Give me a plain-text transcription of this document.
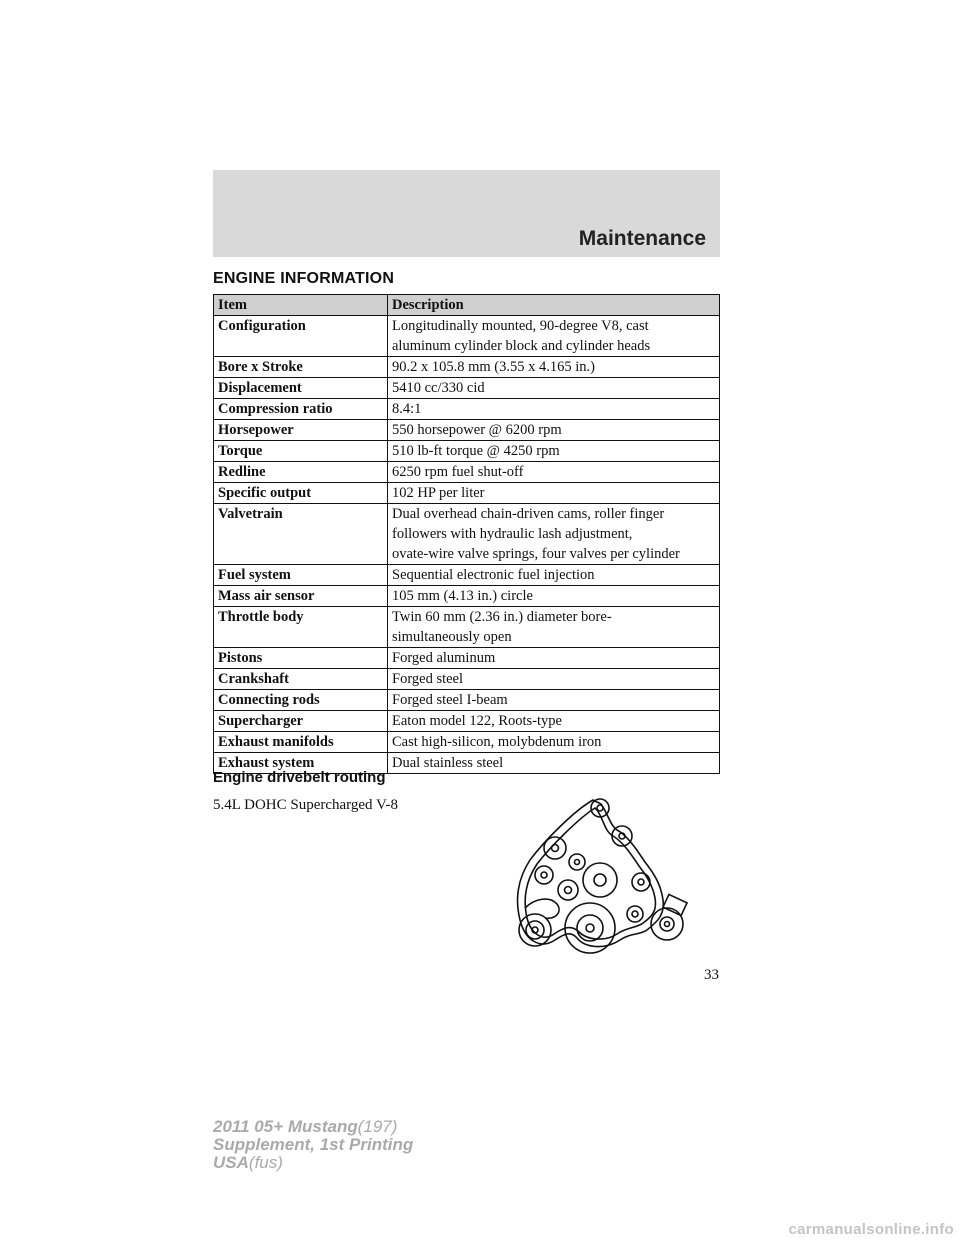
Maintenance
ENGINE INFORMATION
Item	Description
Configuration	Longitudinally mounted, 90-degree V8, cast
aluminum cylinder block and cylinder heads

Bore x Stroke	90.2 x 105.8 mm (3.55 x 4.165 in.)

Displacement	5410 cc/330 cid

Compression ratio	8.4:1

Horsepower	550 horsepower @ 6200 rpm

Torque	510 lb-ft torque @ 4250 rpm

Redline	6250 rpm fuel shut-off

Specific output	102 HP per liter

Valvetrain	Dual overhead chain-driven cams, roller finger
followers with hydraulic lash adjustment,
ovate-wire valve springs, four valves per cylinder

Fuel system	Sequential electronic fuel injection

Mass air sensor	105 mm (4.13 in.) circle

Throttle body	Twin 60 mm (2.36 in.) diameter bore-
simultaneously open

Pistons	Forged aluminum

Crankshaft	Forged steel

Connecting rods	Forged steel I-beam

Supercharger	Eaton model 122, Roots-type

Exhaust manifolds	Cast high-silicon, molybdenum iron

Exhaust system	Dual stainless steel
Engine drivebelt routing
5.4L DOHC Supercharged V-8
33
2011 05+ Mustang(197)
Supplement, 1st Printing
USA(fus)
carmanualsonline.info
